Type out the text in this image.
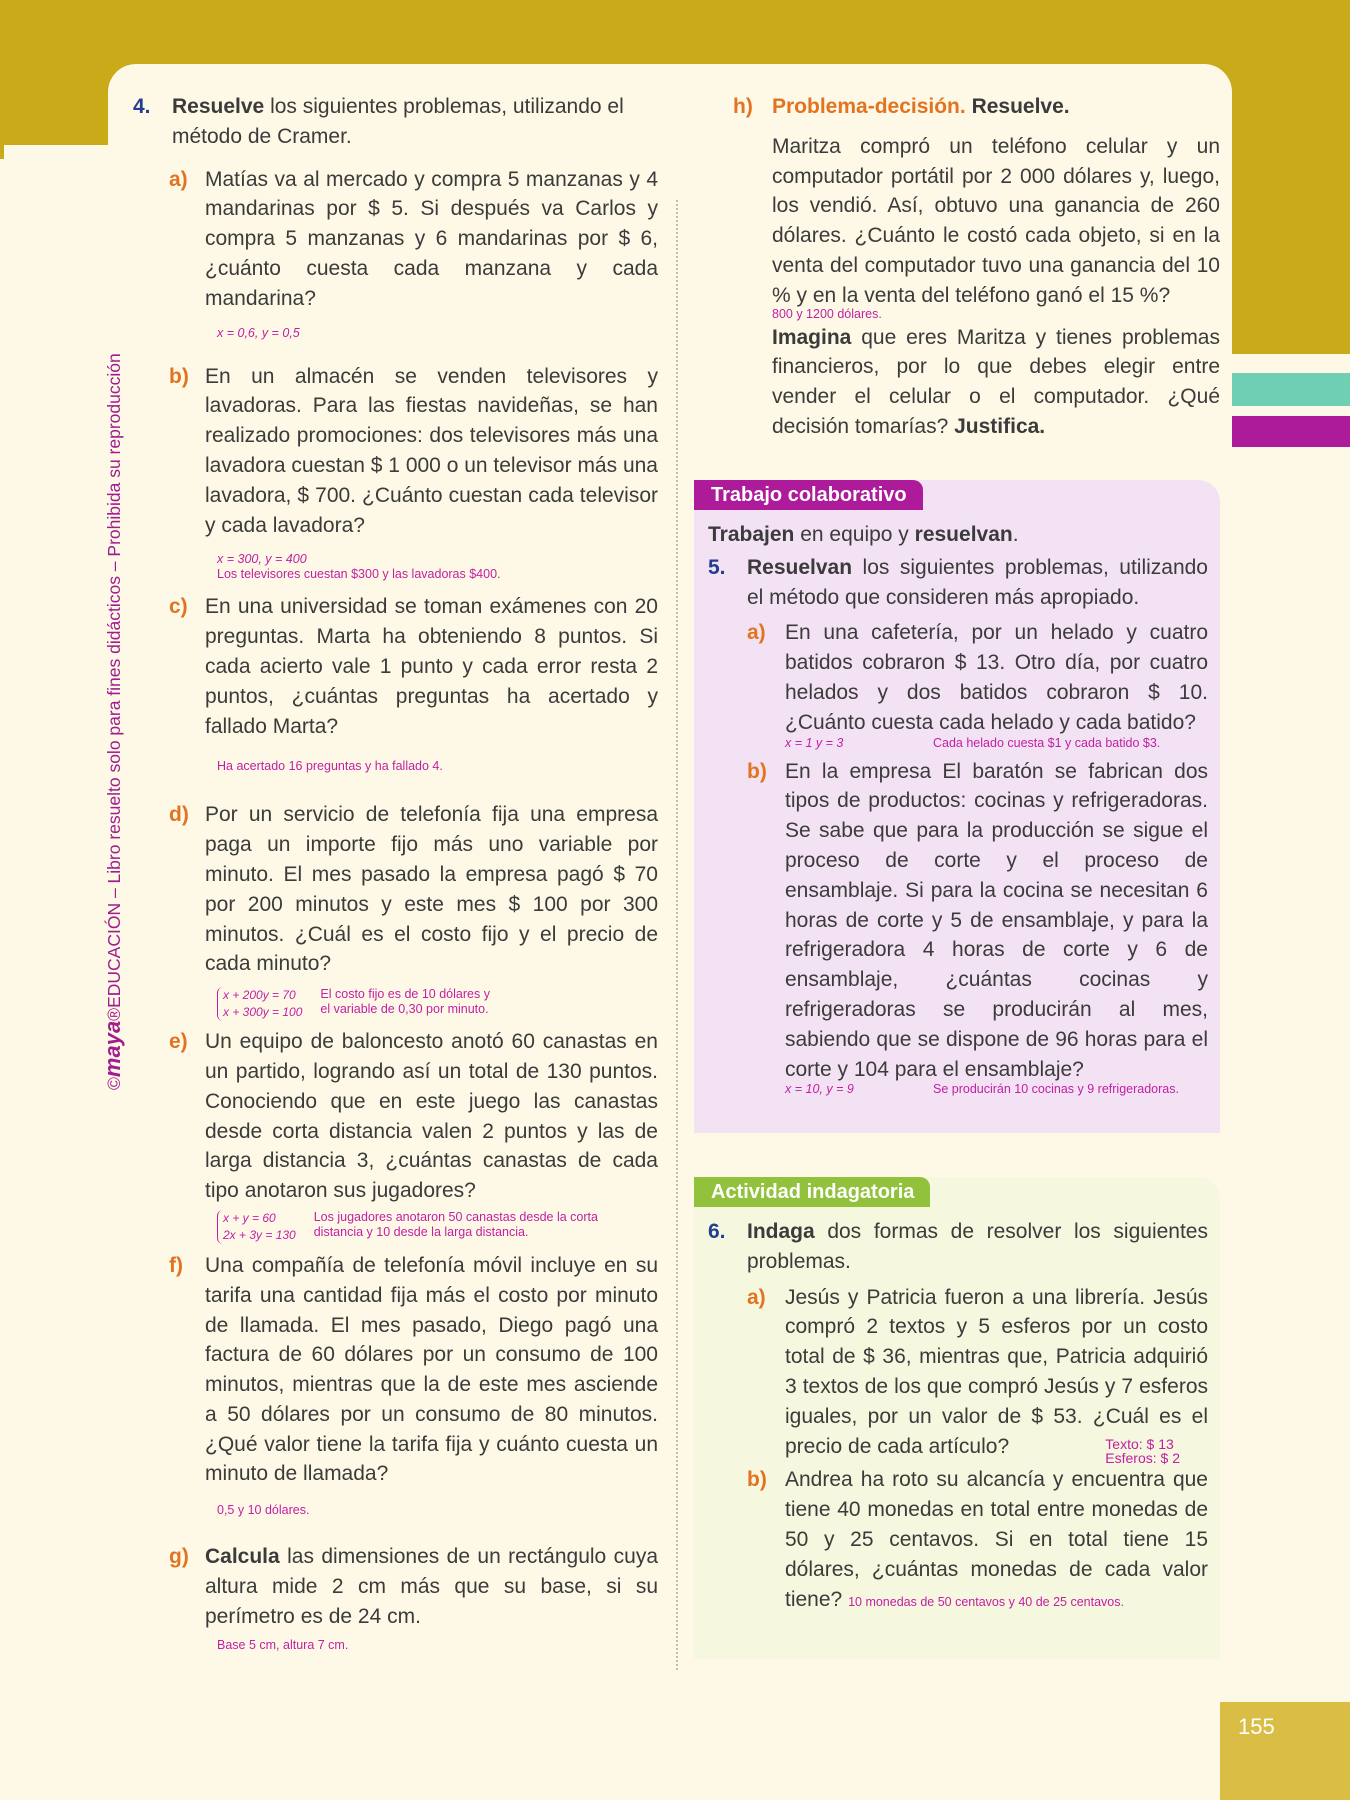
155
©maya®EDUCACIÓN – Libro resuelto solo para fines didácticos – Prohibida su reproducción
4. Resuelve los siguientes problemas, utilizando el método de Cramer.
a) Matías va al mercado y compra 5 manzanas y 4 mandarinas por $ 5. Si después va Carlos y compra 5 manzanas y 6 mandarinas por $ 6, ¿cuánto cuesta cada manzana y cada mandarina?

x = 0,6, y = 0,5
b) En un almacén se venden televisores y lavadoras. Para las fiestas navideñas, se han realizado promociones: dos televisores más una lavadora cuestan $ 1 000 o un televisor más una lavadora, $ 700. ¿Cuánto cuestan cada televisor y cada lavadora?

x = 300, y = 400
Los televisores cuestan $300 y las lavadoras $400.
c) En una universidad se toman exámenes con 20 preguntas. Marta ha obteniendo 8 puntos. Si cada acierto vale 1 punto y cada error resta 2 puntos, ¿cuántas preguntas ha acertado y fallado Marta?

Ha acertado 16 preguntas y ha fallado 4.
d) Por un servicio de telefonía fija una empresa paga un importe fijo más uno variable por minuto. El mes pasado la empresa pagó $ 70 por 200 minutos y este mes $ 100 por 300 minutos. ¿Cuál es el costo fijo y el precio de cada minuto?

x + 200y = 70
x + 300y = 100
El costo fijo es de 10 dólares y
el variable de 0,30 por minuto.
e) Un equipo de baloncesto anotó 60 canastas en un partido, logrando así un total de 130 puntos. Conociendo que en este juego las canastas desde corta distancia valen 2 puntos y las de larga distancia 3, ¿cuántas canastas de cada tipo anotaron sus jugadores?

x + y = 60
2x + 3y = 130
Los jugadores anotaron 50 canastas desde la corta
distancia y 10 desde la larga distancia.
f) Una compañía de telefonía móvil incluye en su tarifa una cantidad fija más el costo por minuto de llamada. El mes pasado, Diego pagó una factura de 60 dólares por un consumo de 100 minutos, mientras que la de este mes asciende a 50 dólares por un consumo de 80 minutos. ¿Qué valor tiene la tarifa fija y cuánto cuesta un minuto de llamada?

0,5 y 10 dólares.
g) Calcula las dimensiones de un rectángulo cuya altura mide 2 cm más que su base, si su perímetro es de 24 cm.

Base 5 cm, altura 7 cm.
h) Problema-decisión. Resuelve.

Maritza compró un teléfono celular y un computador portátil por 2 000 dólares y, luego, los vendió. Así, obtuvo una ganancia de 260 dólares. ¿Cuánto le costó cada objeto, si en la venta del computador tuvo una ganancia del 10 % y en la venta del teléfono ganó el 15 %?

800 y 1200 dólares.

Imagina que eres Maritza y tienes problemas financieros, por lo que debes elegir entre vender el celular o el computador. ¿Qué decisión tomarías? Justifica.

Trabajo colaborativo

Trabajen en equipo y resuelvan.

5. Resuelvan los siguientes problemas, utilizando el método que consideren más apropiado.
a) En una cafetería, por un helado y cuatro batidos cobraron $ 13. Otro día, por cuatro helados y dos batidos cobraron $ 10. ¿Cuánto cuesta cada helado y cada batido?

x = 1 y = 3	Cada helado cuesta $1 y cada batido $3.
b) En la empresa El baratón se fabrican dos tipos de productos: cocinas y refrigeradoras. Se sabe que para la producción se sigue el proceso de corte y el proceso de ensamblaje. Si para la cocina se necesitan 6 horas de corte y 5 de ensamblaje, y para la refrigeradora 4 horas de corte y 6 de ensamblaje, ¿cuántas cocinas y refrigeradoras se producirán al mes, sabiendo que se dispone de 96 horas para el corte y 104 para el ensamblaje?

x = 10, y = 9	Se producirán 10 cocinas y 9 refrigeradoras.
Actividad indagatoria
6. Indaga dos formas de resolver los siguientes problemas.
a) Jesús y Patricia fueron a una librería. Jesús compró 2 textos y 5 esferos por un costo total de $ 36, mientras que, Patricia adquirió 3 textos de los que compró Jesús y 7 esferos iguales, por un valor de $ 53. ¿Cuál es el precio de cada artículo?	Texto: $ 13
Esferos: $ 2

b) Andrea ha roto su alcancía y encuentra que tiene 40 monedas en total entre monedas de 50 y 25 centavos. Si en total tiene 15 dólares, ¿cuántas monedas de cada valor tiene? 10 monedas de 50 centavos y 40 de 25 centavos.
